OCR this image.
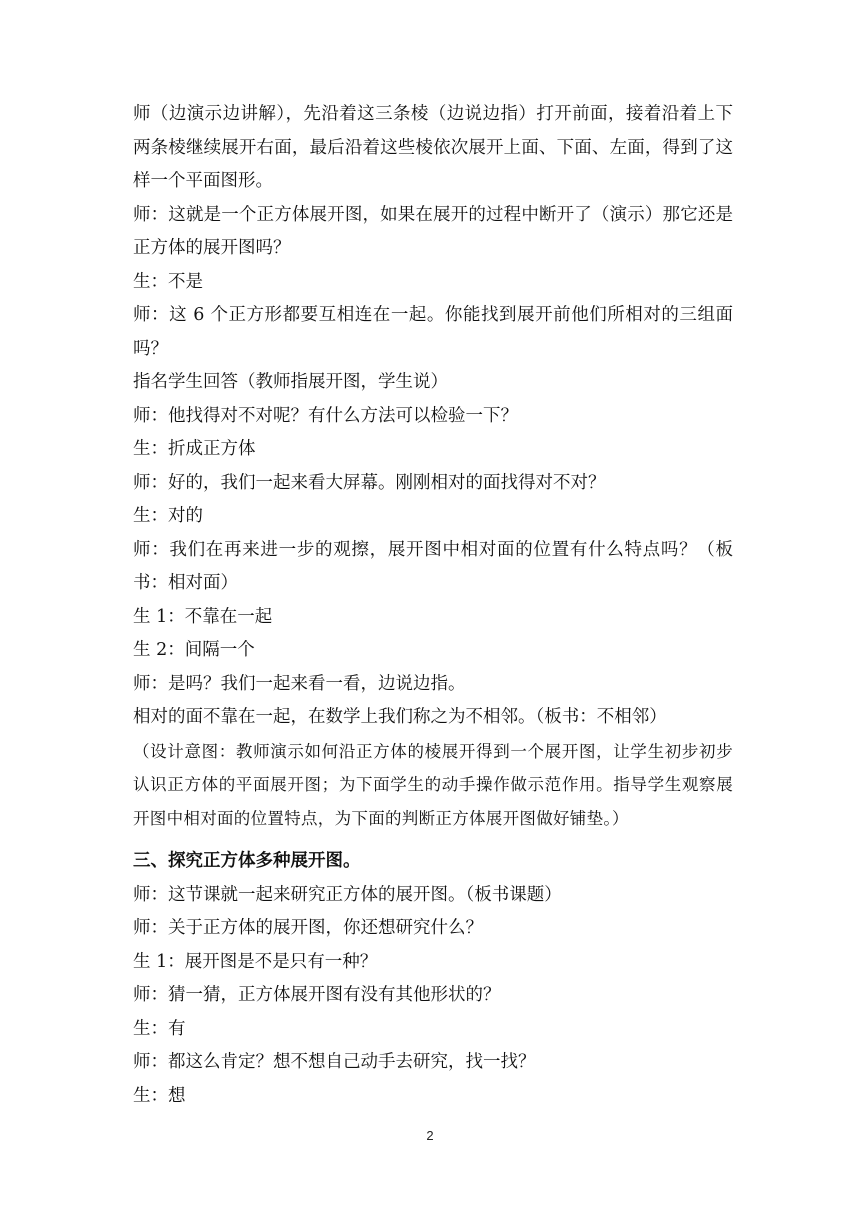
师（边演示边讲解），先沿着这三条棱（边说边指）打开前面，接着沿着上下两条棱继续展开右面，最后沿着这些棱依次展开上面、下面、左面，得到了这样一个平面图形。

师：这就是一个正方体展开图，如果在展开的过程中断开了（演示）那它还是正方体的展开图吗？

生：不是

师：这 6 个正方形都要互相连在一起。你能找到展开前他们所相对的三组面吗？

指名学生回答（教师指展开图，学生说）

师：他找得对不对呢？有什么方法可以检验一下？

生：折成正方体

师：好的，我们一起来看大屏幕。刚刚相对的面找得对不对？

生：对的

师：我们在再来进一步的观擦，展开图中相对面的位置有什么特点吗？（板书：相对面）

生 1：不靠在一起

生 2：间隔一个

师：是吗？我们一起来看一看，边说边指。

相对的面不靠在一起，在数学上我们称之为不相邻。（板书：不相邻）

（设计意图：教师演示如何沿正方体的棱展开得到一个展开图，让学生初步初步认识正方体的平面展开图；为下面学生的动手操作做示范作用。指导学生观察展开图中相对面的位置特点，为下面的判断正方体展开图做好铺垫。）

三、探究正方体多种展开图。

师：这节课就一起来研究正方体的展开图。（板书课题）

师：关于正方体的展开图，你还想研究什么？

生 1：展开图是不是只有一种？

师：猜一猜，正方体展开图有没有其他形状的？

生：有

师：都这么肯定？想不想自己动手去研究，找一找？

生：想

2
